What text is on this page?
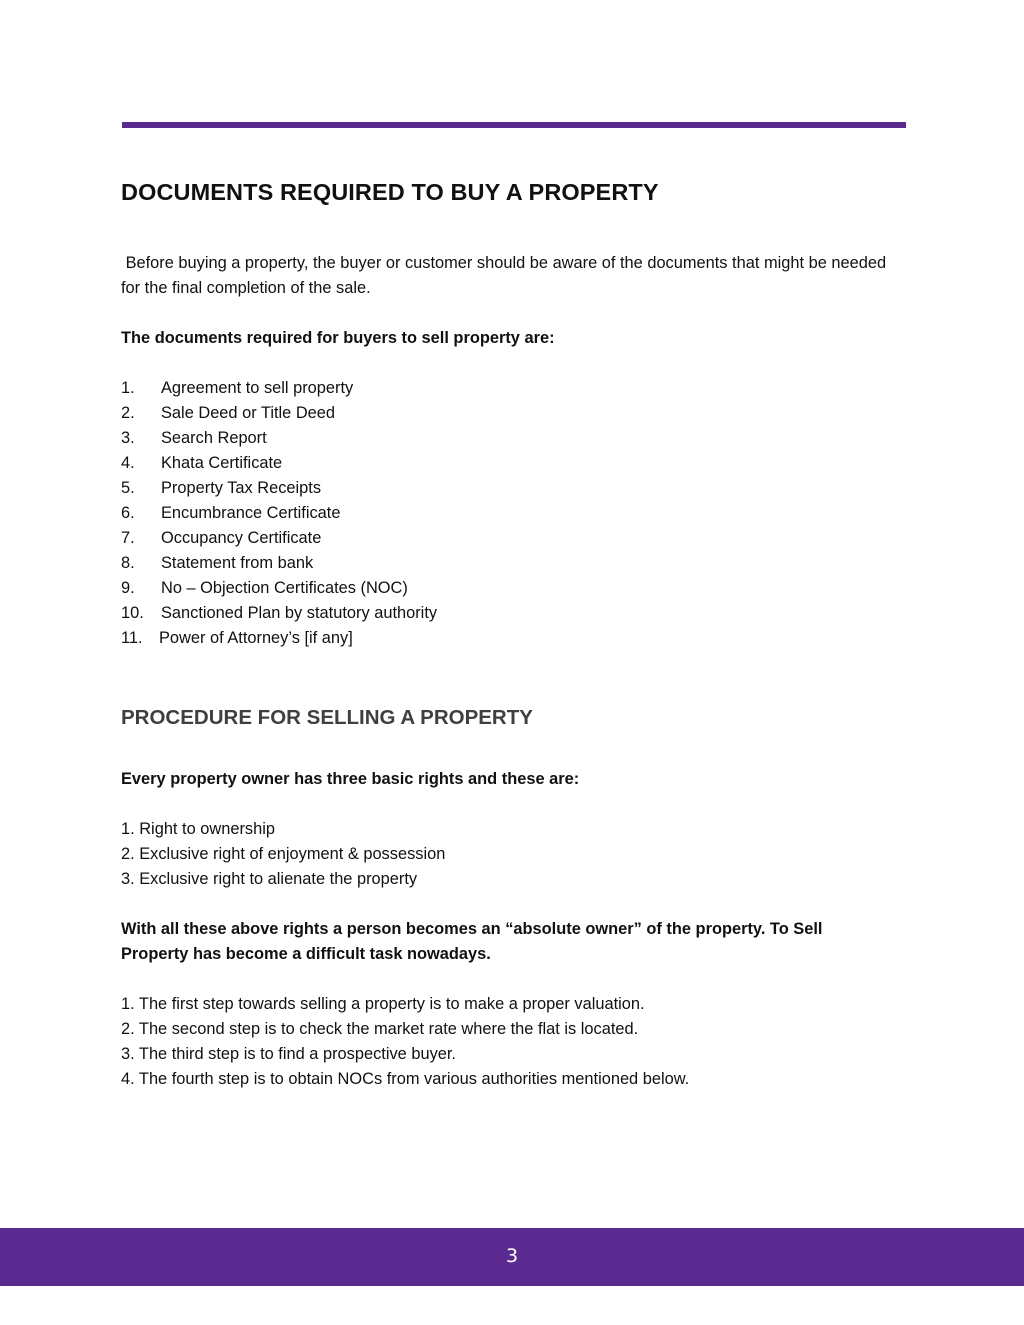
DOCUMENTS REQUIRED TO BUY A PROPERTY

Before buying a property, the buyer or customer should be aware of the documents that might be needed for the final completion of the sale.

The documents required for buyers to sell property are:

1.	Agreement to sell property
2.	Sale Deed or Title Deed
3.	Search Report
4.	Khata Certificate
5.	Property Tax Receipts
6.	Encumbrance Certificate
7.	Occupancy Certificate
8.	Statement from bank
9.	No – Objection Certificates (NOC)
10.	Sanctioned Plan by statutory authority
11.	Power of Attorney’s [if any]
PROCEDURE FOR SELLING A PROPERTY

Every property owner has three basic rights and these are:

1. Right to ownership
2. Exclusive right of enjoyment & possession
3. Exclusive right to alienate the property

With all these above rights a person becomes an “absolute owner” of the property. To Sell Property has become a difficult task nowadays.

1. The first step towards selling a property is to make a proper valuation.
2. The second step is to check the market rate where the flat is located.
3. The third step is to find a prospective buyer.
4. The fourth step is to obtain NOCs from various authorities mentioned below.
3
